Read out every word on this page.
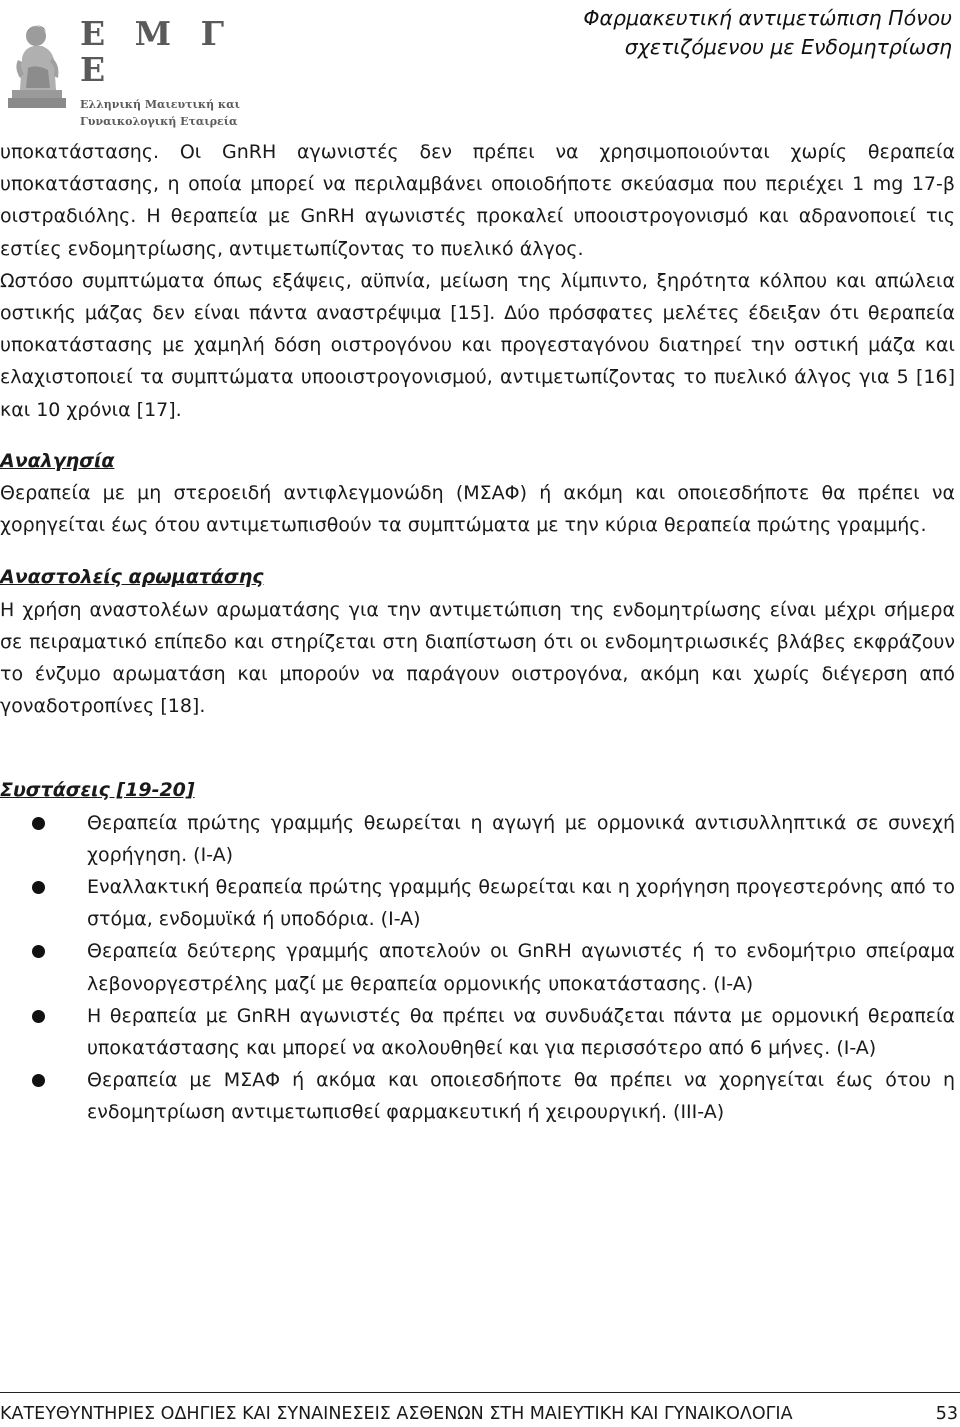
Ε Μ Γ Ε
Ελληνική Μαιευτική και
Γυναικολογική Εταιρεία
Φαρμακευτική αντιμετώπιση Πόνου
σχετιζόμενου με Ενδομητρίωση

υποκατάστασης. Οι GnRH αγωνιστές δεν πρέπει να χρησιμοποιούνται χωρίς θεραπεία υποκατάστασης, η οποία μπορεί να περιλαμβάνει οποιοδήποτε σκεύασμα που περιέχει 1 mg 17-β οιστραδιόλης. Η θεραπεία με GnRH αγωνιστές προκαλεί υποοιστρογονισμό και αδρανοποιεί τις εστίες ενδομητρίωσης, αντιμετωπίζοντας το πυελικό άλγος.

Ωστόσο συμπτώματα όπως εξάψεις, αϋπνία, μείωση της λίμπιντο, ξηρότητα κόλπου και απώλεια οστικής μάζας δεν είναι πάντα αναστρέψιμα [15]. Δύο πρόσφατες μελέτες έδειξαν ότι θεραπεία υποκατάστασης με χαμηλή δόση οιστρογόνου και προγεσταγόνου διατηρεί την οστική μάζα και ελαχιστοποιεί τα συμπτώματα υποοιστρογονισμού, αντιμετωπίζοντας το πυελικό άλγος για 5 [16] και 10 χρόνια [17].

Αναλγησία

Θεραπεία με μη στεροειδή αντιφλεγμονώδη (ΜΣΑΦ) ή ακόμη και οποιεσδήποτε θα πρέπει να χορηγείται έως ότου αντιμετωπισθούν τα συμπτώματα με την κύρια θεραπεία πρώτης γραμμής.

Αναστολείς αρωματάσης

Η χρήση αναστολέων αρωματάσης για την αντιμετώπιση της ενδομητρίωσης είναι μέχρι σήμερα σε πειραματικό επίπεδο και στηρίζεται στη διαπίστωση ότι οι ενδομητριωσικές βλάβες εκφράζουν το ένζυμο αρωματάση και μπορούν να παράγουν οιστρογόνα, ακόμη και χωρίς διέγερση από γοναδοτροπίνες [18].

Συστάσεις [19-20]

Θεραπεία πρώτης γραμμής θεωρείται η αγωγή με ορμονικά αντισυλληπτικά σε συνεχή χορήγηση. (I-A)
Εναλλακτική θεραπεία πρώτης γραμμής θεωρείται και η χορήγηση προγεστερόνης από το στόμα, ενδομυϊκά ή υποδόρια. (I-A)
Θεραπεία δεύτερης γραμμής αποτελούν οι GnRH αγωνιστές ή το ενδομήτριο σπείραμα λεβονοργεστρέλης μαζί με θεραπεία ορμονικής υποκατάστασης. (I-A)
Η θεραπεία με GnRH αγωνιστές θα πρέπει να συνδυάζεται πάντα με ορμονική θεραπεία υποκατάστασης και μπορεί να ακολουθηθεί και για περισσότερο από 6 μήνες. (I-A)
Θεραπεία με ΜΣΑΦ ή ακόμα και οποιεσδήποτε θα πρέπει να χορηγείται έως ότου η ενδομητρίωση αντιμετωπισθεί φαρμακευτική ή χειρουργική. (III-A)
ΚΑΤΕΥΘΥΝΤΗΡΙΕΣ ΟΔΗΓΙΕΣ ΚΑΙ ΣΥΝΑΙΝΕΣΕΙΣ ΑΣΘΕΝΩΝ ΣΤΗ ΜΑΙΕΥΤΙΚΗ ΚΑΙ ΓΥΝΑΙΚΟΛΟΓΙΑ	53
